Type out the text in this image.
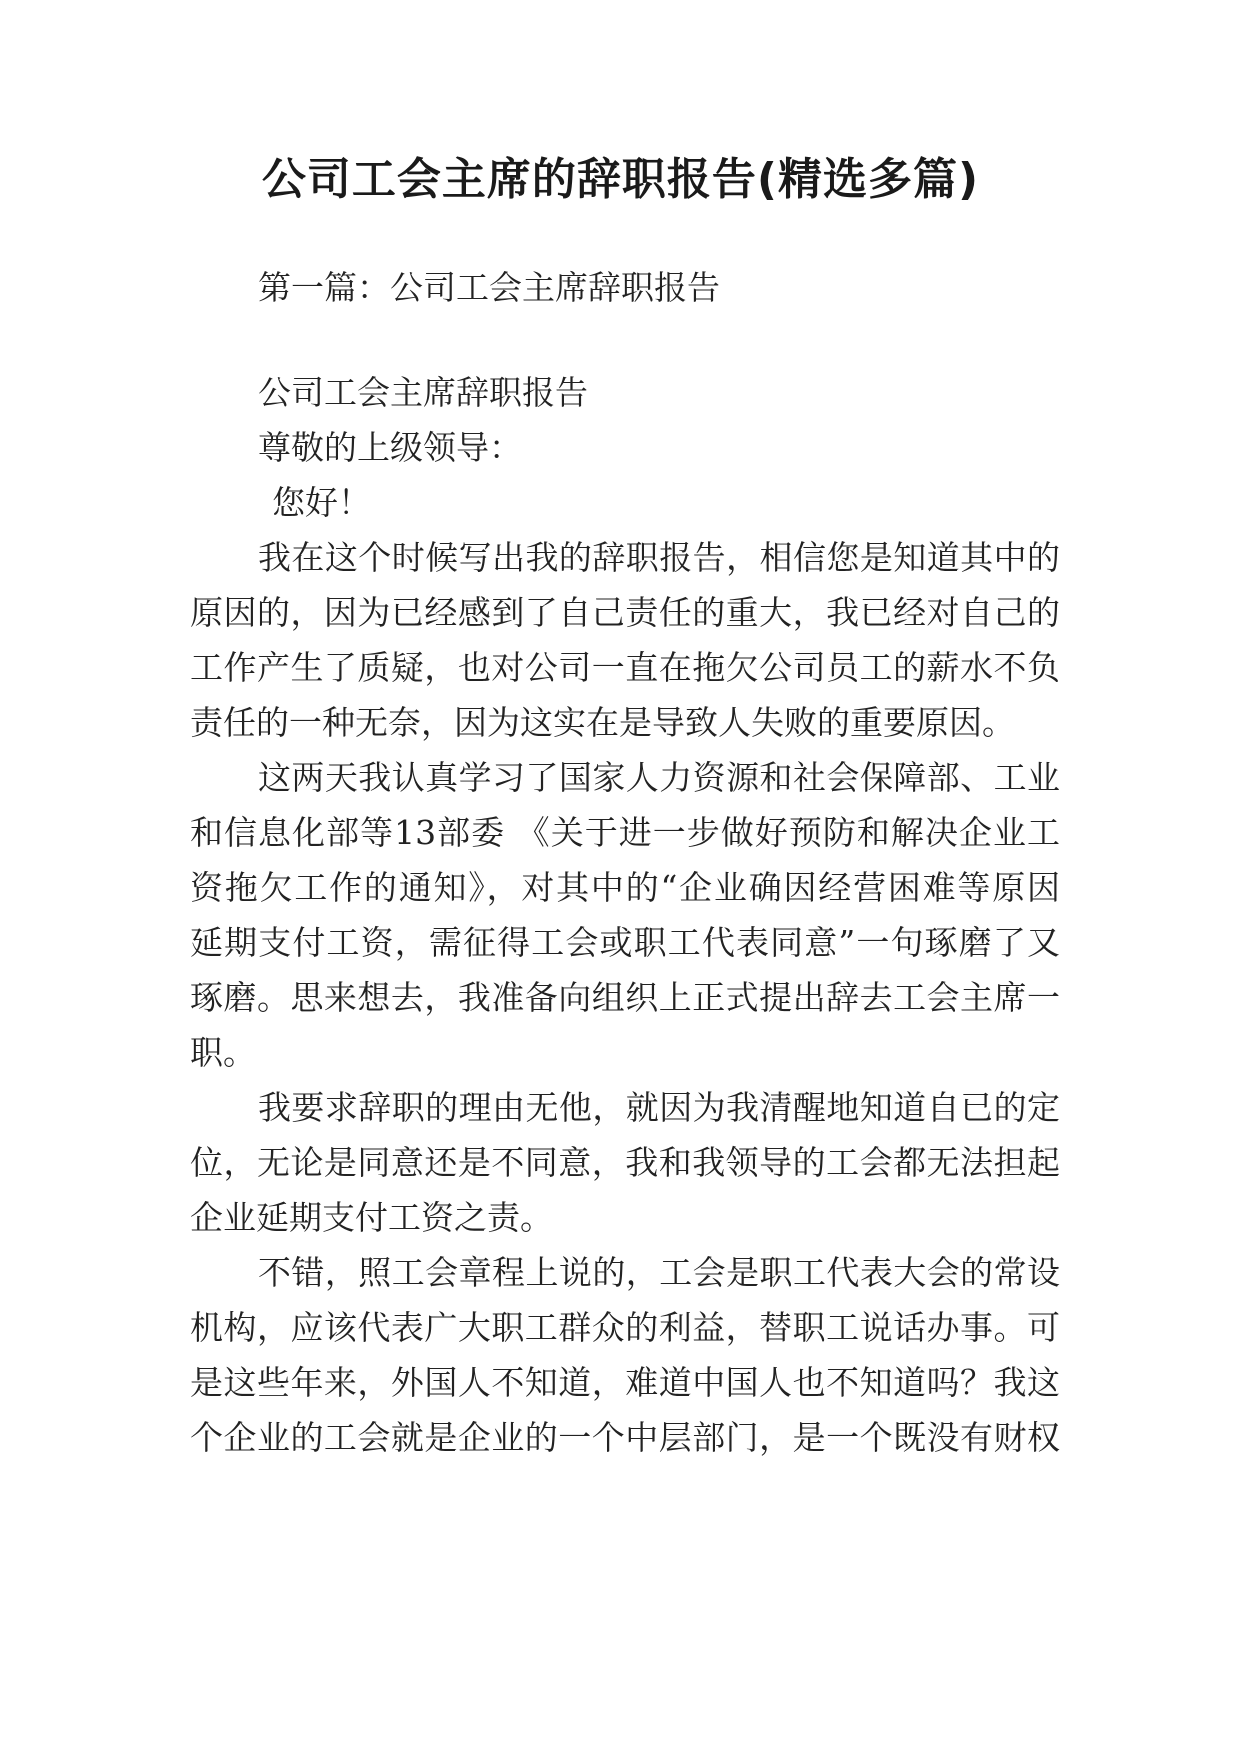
公司工会主席的辞职报告(精选多篇)
第一篇：公司工会主席辞职报告
公司工会主席辞职报告
尊敬的上级领导：
您好！
我在这个时候写出我的辞职报告，相信您是知道其中的
原因的，因为已经感到了自己责任的重大，我已经对自己的
工作产生了质疑，也对公司一直在拖欠公司员工的薪水不负
责任的一种无奈，因为这实在是导致人失败的重要原因。
这两天我认真学习了国家人力资源和社会保障部、工业
和信息化部等13部委 《关于进一步做好预防和解决企业工
资拖欠工作的通知》，对其中的“企业确因经营困难等原因
延期支付工资，需征得工会或职工代表同意”一句琢磨了又
琢磨。思来想去，我准备向组织上正式提出辞去工会主席一
职。
我要求辞职的理由无他，就因为我清醒地知道自已的定
位，无论是同意还是不同意，我和我领导的工会都无法担起
企业延期支付工资之责。
不错，照工会章程上说的，工会是职工代表大会的常设
机构，应该代表广大职工群众的利益，替职工说话办事。可
是这些年来，外国人不知道，难道中国人也不知道吗？我这
个企业的工会就是企业的一个中层部门，是一个既没有财权
